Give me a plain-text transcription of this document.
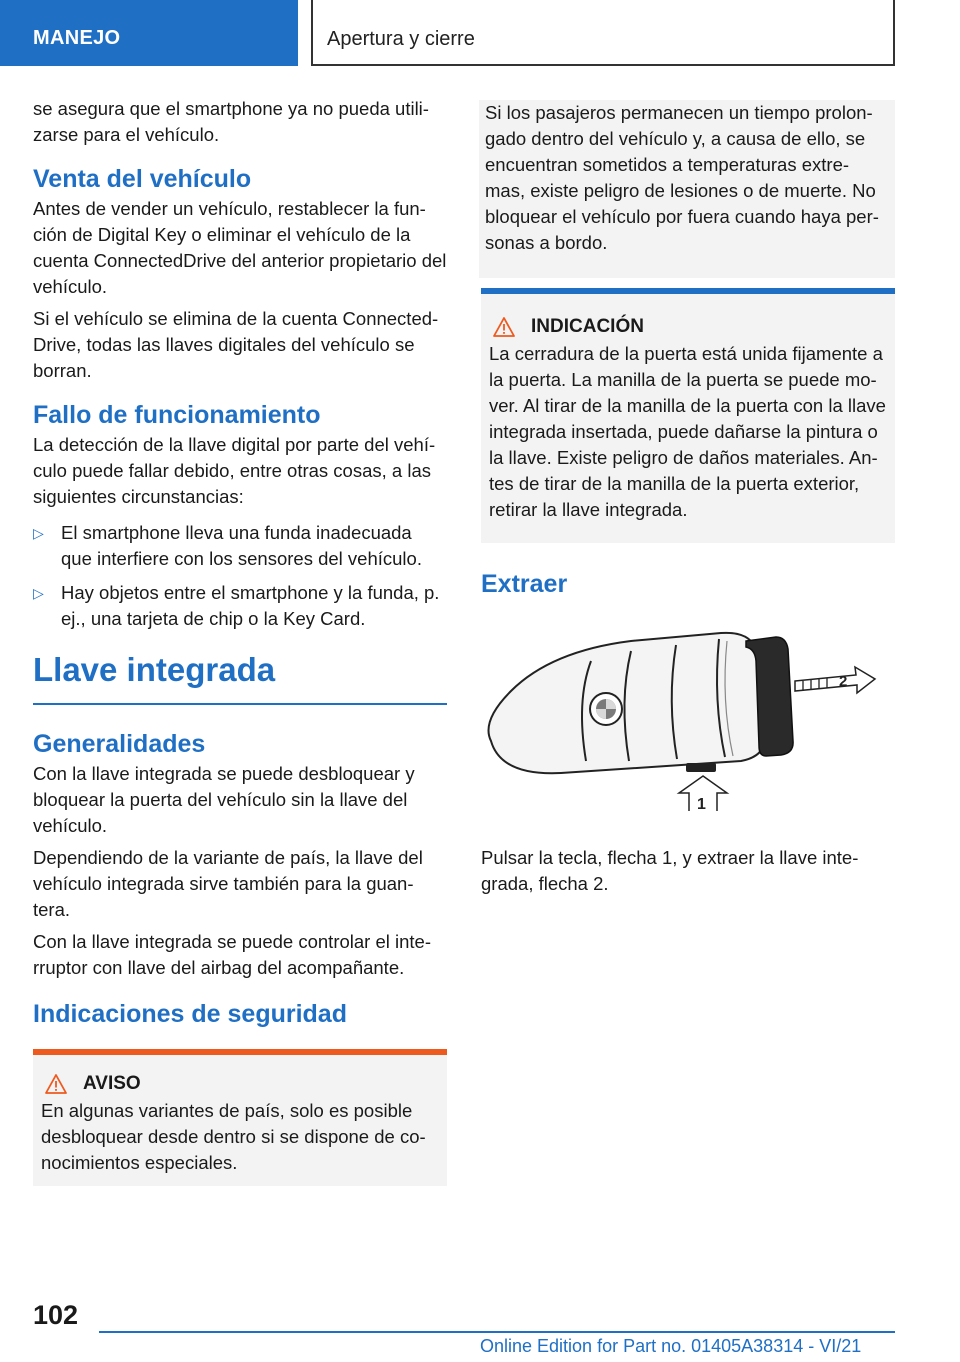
MANEJO	Apertura y cierre

se asegura que el smartphone ya no pueda utili‐
zarse para el vehículo.

Venta del vehículo

Antes de vender un vehículo, restablecer la fun‐ción de Digital Key o eliminar el vehículo de la cuenta ConnectedDrive del anterior propietario del vehículo.

Si el vehículo se elimina de la cuenta Connected‐Drive, todas las llaves digitales del vehículo se borran.

Fallo de funcionamiento

La detección de la llave digital por parte del vehí‐culo puede fallar debido, entre otras cosas, a las siguientes circunstancias:

▷ El smartphone lleva una funda inadecuada que interfiere con los sensores del vehículo.
▷ Hay objetos entre el smartphone y la funda, p. ej., una tarjeta de chip o la Key Card.
Llave integrada
Generalidades

Con la llave integrada se puede desbloquear y bloquear la puerta del vehículo sin la llave del vehículo.

Dependiendo de la variante de país, la llave del vehículo integrada sirve también para la guan‐tera.

Con la llave integrada se puede controlar el inte‐rruptor con llave del airbag del acompañante.

Indicaciones de seguridad
AVISO

En algunas variantes de país, solo es posible desbloquear desde dentro si se dispone de co‐nocimientos especiales.

Si los pasajeros permanecen un tiempo prolon‐gado dentro del vehículo y, a causa de ello, se encuentran sometidos a temperaturas extre‐mas, existe peligro de lesiones o de muerte. No bloquear el vehículo por fuera cuando haya per‐sonas a bordo.

INDICACIÓN

La cerradura de la puerta está unida fijamente a la puerta. La manilla de la puerta se puede mo‐ver. Al tirar de la manilla de la puerta con la llave integrada insertada, puede dañarse la pintura o la llave. Existe peligro de daños materiales. An‐tes de tirar de la manilla de la puerta exterior, retirar la llave integrada.

Extraer
2
1

Pulsar la tecla, flecha 1, y extraer la llave inte‐grada, flecha 2.

102
Online Edition for Part no. 01405A38314 - VI/21
